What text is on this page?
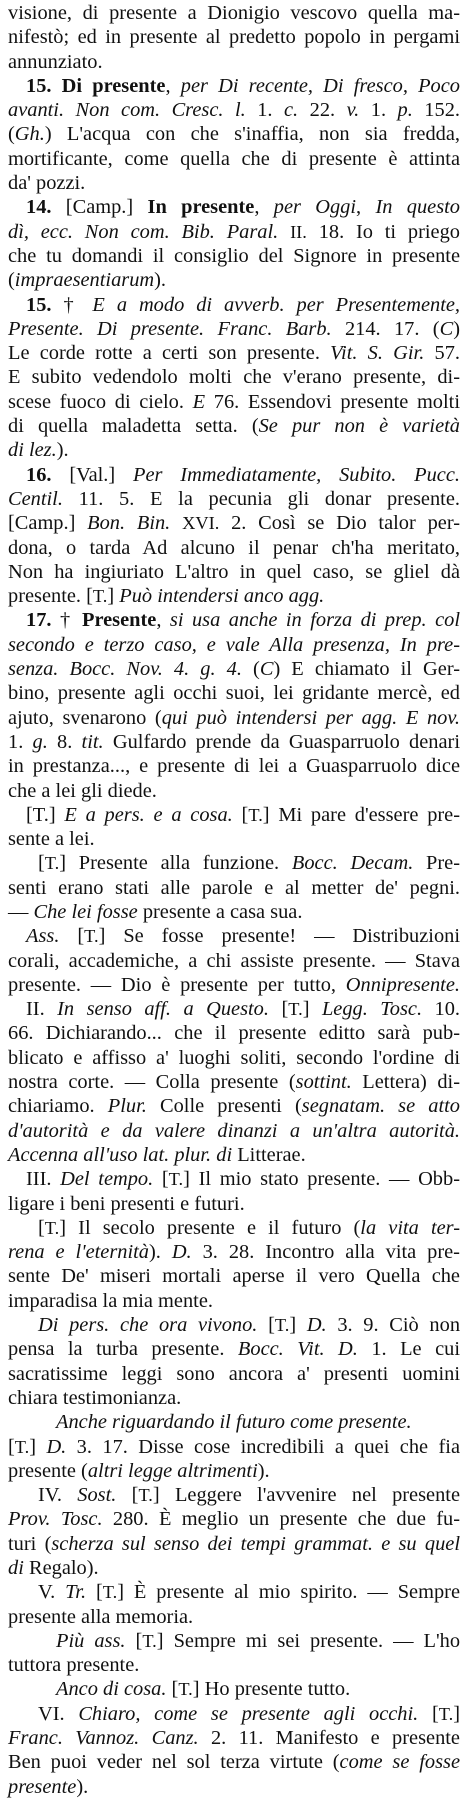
visione, di presente a Dionigio vescovo quella ma-
nifestò; ed in presente al predetto popolo in pergami
annunziato.
15. Di presente, per Di recente, Di fresco, Poco
avanti. Non com. Cresc. l. 1. c. 22. v. 1. p. 152.
(Gh.) L'acqua con che s'inaffia, non sia fredda,
mortificante, come quella che di presente è attinta
da' pozzi.
14. [Camp.] In presente, per Oggi, In questo
dì, ecc. Non com. Bib. Paral. II. 18. Io ti priego
che tu domandi il consiglio del Signore in presente
(impraesentiarum).
15. † E a modo di avverb. per Presentemente,
Presente. Di presente. Franc. Barb. 214. 17. (C)
Le corde rotte a certi son presente. Vit. S. Gir. 57.
E subito vedendolo molti che v'erano presente, di-
scese fuoco di cielo. E 76. Essendovi presente molti
di quella maladetta setta. (Se pur non è varietà
di lez.).
16. [Val.] Per Immediatamente, Subito. Pucc.
Centil. 11. 5. E la pecunia gli donar presente.
[Camp.] Bon. Bin. XVI. 2. Così se Dio talor per-
dona, o tarda Ad alcuno il penar ch'ha meritato,
Non ha ingiuriato L'altro in quel caso, se gliel dà
presente. [T.] Può intendersi anco agg.
17. † Presente, si usa anche in forza di prep. col
secondo e terzo caso, e vale Alla presenza, In pre-
senza. Bocc. Nov. 4. g. 4. (C) E chiamato il Ger-
bino, presente agli occhi suoi, lei gridante mercè, ed
ajuto, svenarono (qui può intendersi per agg. E nov.
1. g. 8. tit. Gulfardo prende da Guasparruolo denari
in prestanza..., e presente di lei a Guasparruolo dice
che a lei gli diede.
[T.] E a pers. e a cosa. [T.] Mi pare d'essere pre-
sente a lei.
[T.] Presente alla funzione. Bocc. Decam. Pre-
senti erano stati alle parole e al metter de' pegni.
— Che lei fosse presente a casa sua.
Ass. [T.] Se fosse presente! — Distribuzioni
corali, accademiche, a chi assiste presente. — Stava
presente. — Dio è presente per tutto, Onnipresente.
II. In senso aff. a Questo. [T.] Legg. Tosc. 10.
66. Dichiarando... che il presente editto sarà pub-
blicato e affisso a' luoghi soliti, secondo l'ordine di
nostra corte. — Colla presente (sottint. Lettera) di-
chiariamo. Plur. Colle presenti (segnatam. se atto
d'autorità e da valere dinanzi a un'altra autorità.
Accenna all'uso lat. plur. di Litterae.
III. Del tempo. [T.] Il mio stato presente. — Obb-
ligare i beni presenti e futuri.
[T.] Il secolo presente e il futuro (la vita ter-
rena e l'eternità). D. 3. 28. Incontro alla vita pre-
sente De' miseri mortali aperse il vero Quella che
imparadisa la mia mente.
Di pers. che ora vivono. [T.] D. 3. 9. Ciò non
pensa la turba presente. Bocc. Vit. D. 1. Le cui
sacratissime leggi sono ancora a' presenti uomini
chiara testimonianza.
Anche riguardando il futuro come presente.
[T.] D. 3. 17. Disse cose incredibili a quei che fia
presente (altri legge altrimenti).
IV. Sost. [T.] Leggere l'avvenire nel presente
Prov. Tosc. 280. È meglio un presente che due fu-
turi (scherza sul senso dei tempi grammat. e su quel
di Regalo).
V. Tr. [T.] È presente al mio spirito. — Sempre
presente alla memoria.
Più ass. [T.] Sempre mi sei presente. — L'ho
tuttora presente.
Anco di cosa. [T.] Ho presente tutto.
VI. Chiaro, come se presente agli occhi. [T.]
Franc. Vannoz. Canz. 2. 11. Manifesto e presente
Ben puoi veder nel sol terza virtute (come se fosse
presente).
